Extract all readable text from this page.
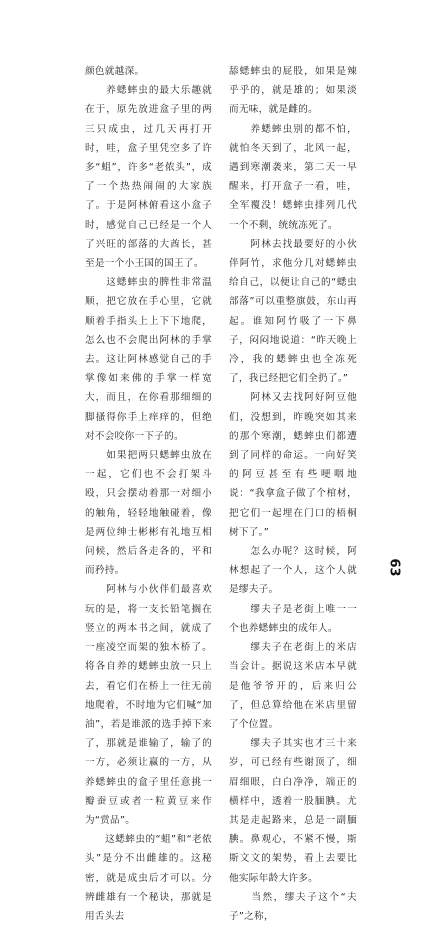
颜色就越深。

　　养蟋蟀虫的最大乐趣就在于，原先放进盒子里的两三只成虫，过几天再打开时，哇，盒子里凭空多了许多“蛆”，许多“老侬头”，成了一个热热闹闹的大家族了。于是阿林俯看这小盒子时，感觉自己已经是一个人了兴旺的部落的大酋长，甚至是一个小王国的国王了。

　　这蟋蟀虫的脾性非常温顺，把它放在手心里，它就顺着手指头上上下下地爬，怎么也不会爬出阿林的手掌去。这让阿林感觉自己的手掌像如来佛的手掌一样宽大，而且，在你看那细细的脚搔得你手上痒痒的，但绝对不会咬你一下子的。

　　如果把两只蟋蟀虫放在一起，它们也不会打架斗殴，只会摆动着那一对细小的触角，轻轻地触碰着，像是两位绅士彬彬有礼地互相问候，然后各走各的，平和而矜持。

　　阿林与小伙伴们最喜欢玩的是，将一支长铅笔搁在竖立的两本书之间，就成了一座凌空而架的独木桥了。将各自养的蟋蟀虫放一只上去，看它们在桥上一往无前地爬着，不时地为它们喊“加油”，若是谁派的选手掉下来了，那就是谁输了，输了的一方，必须让赢的一方，从养蟋蟀虫的盒子里任意挑一瓣蚕豆或者一粒黄豆来作为“赏品”。

　　这蟋蟀虫的“蛆”和“老侬头”是分不出雌雄的。这秘密，就是成虫后才可以。分辨雌雄有一个秘诀，那就是用舌头去

舔蟋蟀虫的屁股，如果是辣乎乎的，就是雄的；如果淡而无味，就是雌的。

　　养蟋蟀虫别的都不怕，就怕冬天到了，北风一起，遇到寒潮袭来，第二天一早醒来，打开盒子一看，哇，全军覆没！蟋蟀虫排列几代一个不剩，统统冻死了。

　　阿林去找最要好的小伙伴阿竹，求他分几对蟋蟀虫给自己，以便让自己的“蟋虫部落”可以重整旗鼓，东山再起。谁知阿竹吸了一下鼻子，闷闷地说道：“昨天晚上冷，我的蟋蟀虫也全冻死了，我已经把它们全扔了。”

　　阿林又去找阿好阿豆他们，没想到，昨晚突如其来的那个寒潮，蟋蟀虫们都遭到了同样的命运。一向好笑的阿豆甚至有些哽咽地说：“我拿盒子做了个棺材，把它们一起埋在门口的梧桐树下了。”

　　怎么办呢？这时候，阿林想起了一个人，这个人就是缪夫子。

　　缪夫子是老街上唯一一个也养蟋蟀虫的成年人。

　　缪夫子在老街上的米店当会计。据说这米店本早就是他爷爷开的，后来归公了，但总算给他在米店里留了个位置。

　　缪夫子其实也才三十来岁，可已经有些谢顶了，细眉细眼，白白净净，端正的横样中，透着一股腼腆。尤其是走起路来，总是一副腼腆。鼻观心，不紧不慢，斯斯文文的架势，看上去要比他实际年龄大许多。

　　当然，缪夫子这个“夫子”之称，

63
